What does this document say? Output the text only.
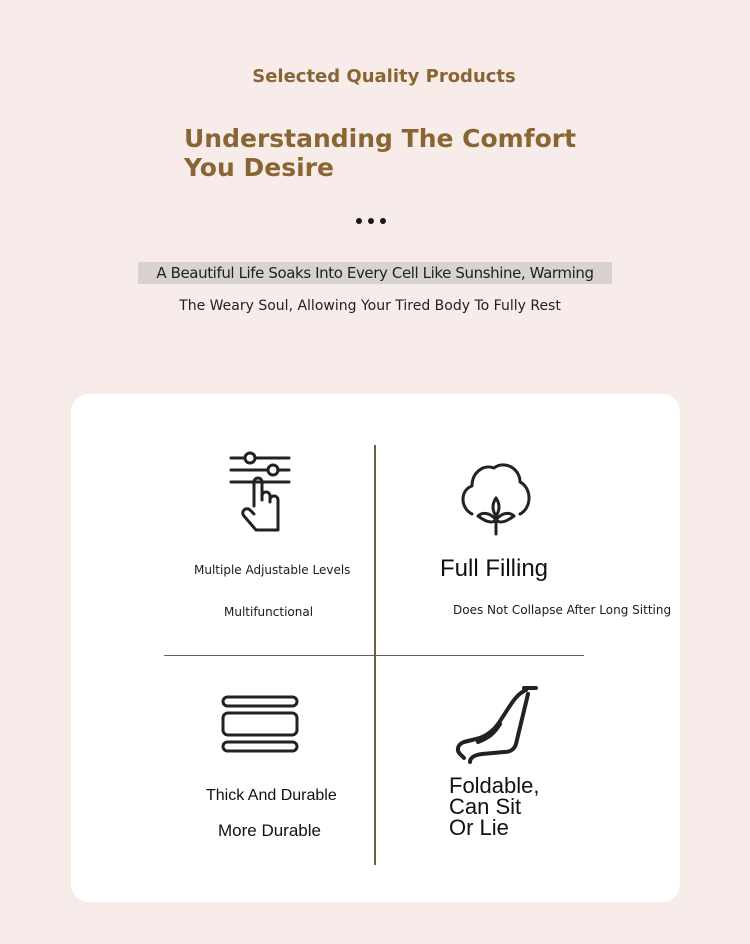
Selected Quality Products
Understanding The Comfort
You Desire
A Beautiful Life Soaks Into Every Cell Like Sunshine, Warming
The Weary Soul, Allowing Your Tired Body To Fully Rest
Multiple Adjustable Levels
Multifunctional
Full Filling
Does Not Collapse After Long Sitting
Thick And Durable
More Durable
Foldable,
Can Sit
Or Lie
